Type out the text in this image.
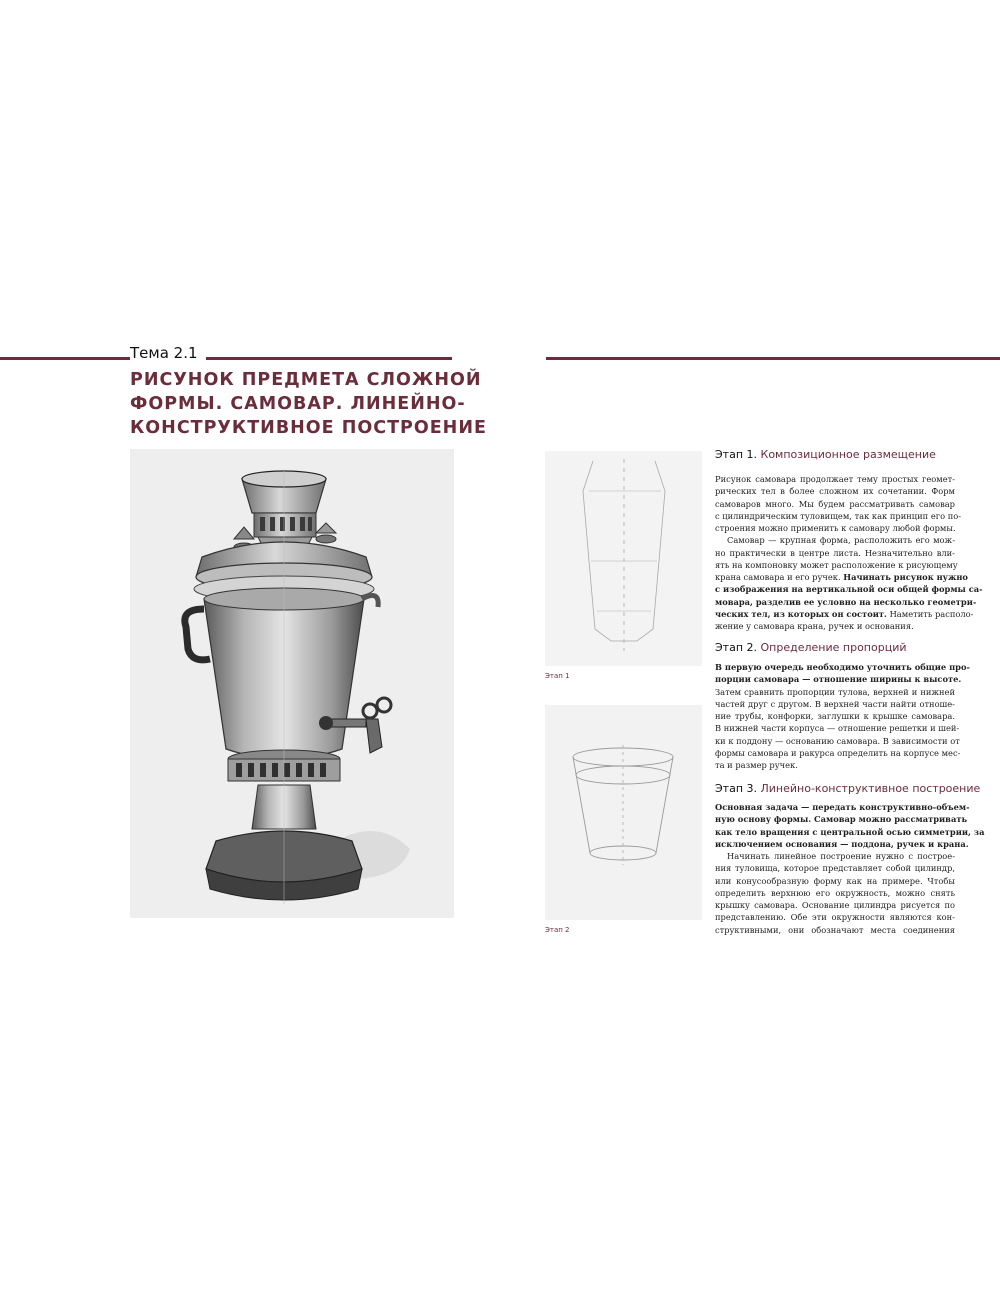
Тема 2.1
РИСУНОК ПРЕДМЕТА СЛОЖНОЙ
ФОРМЫ. САМОВАР. ЛИНЕЙНО-
КОНСТРУКТИВНОЕ ПОСТРОЕНИЕ
Этап 1
Этап 2
Этап 1. Композиционное размещение
Рисунок самовара продолжает тему простых геомет-
рических тел в более сложном их сочетании. Форм
самоваров много. Мы будем рассматривать самовар
с цилиндрическим туловищем, так как принцип его по-
строения можно применить к самовару любой формы.
Самовар — крупная форма, расположить его мож-
но практически в центре листа. Незначительно вли-
ять на компоновку может расположение к рисующему
крана самовара и его ручек. Начинать рисунок нужно
с изображения на вертикальной оси общей формы са-
мовара, разделив ее условно на несколько геометри-
ческих тел, из которых он состоит. Наметить располо-
жение у самовара крана, ручек и основания.
Этап 2. Определение пропорций
В первую очередь необходимо уточнить общие про-
порции самовара — отношение ширины к высоте.
Затем сравнить пропорции тулова, верхней и нижней
частей друг с другом. В верхней части найти отноше-
ние трубы, конфорки, заглушки к крышке самовара.
В нижней части корпуса — отношение решетки и шей-
ки к поддону — основанию самовара. В зависимости от
формы самовара и ракурса определить на корпусе мес-
та и размер ручек.
Этап 3. Линейно-конструктивное построение
Основная задача — передать конструктивно-объем-
ную основу формы. Самовар можно рассматривать
как тело вращения с центральной осью симметрии, за
исключением основания — поддона, ручек и крана.
Начинать линейное построение нужно с построе-
ния туловища, которое представляет собой цилиндр,
или конусообразную форму как на примере. Чтобы
определить верхнюю его окружность, можно снять
крышку самовара. Основание цилиндра рисуется по
представлению. Обе эти окружности являются кон-
структивными, они обозначают места соединения
